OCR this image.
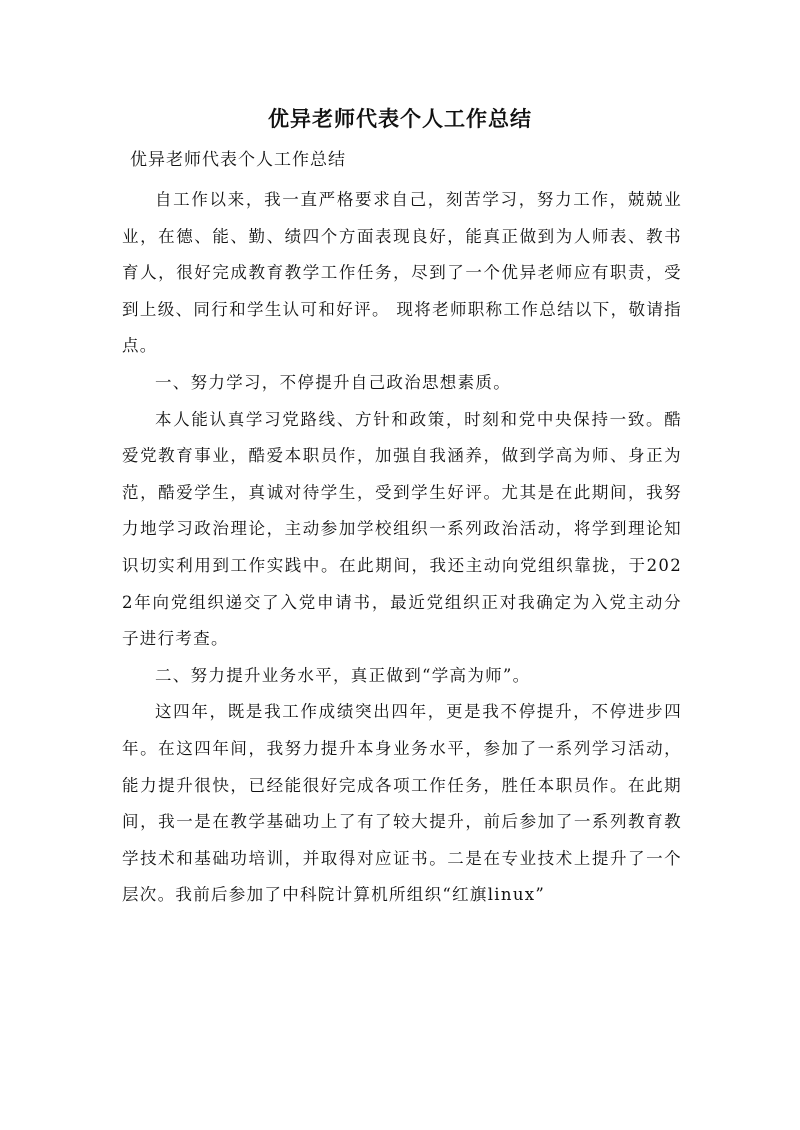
优异老师代表个人工作总结
优异老师代表个人工作总结

自工作以来，我一直严格要求自己，刻苦学习，努力工作，兢兢业业，在德、能、勤、绩四个方面表现良好，能真正做到为人师表、教书育人，很好完成教育教学工作任务，尽到了一个优异老师应有职责，受到上级、同行和学生认可和好评。 现将老师职称工作总结以下，敬请指点。

一、努力学习，不停提升自己政治思想素质。

本人能认真学习党路线、方针和政策，时刻和党中央保持一致。酷爱党教育事业，酷爱本职员作，加强自我涵养，做到学高为师、身正为范，酷爱学生，真诚对待学生，受到学生好评。尤其是在此期间，我努力地学习政治理论，主动参加学校组织一系列政治活动，将学到理论知识切实利用到工作实践中。在此期间，我还主动向党组织靠拢，于2022年向党组织递交了入党申请书，最近党组织正对我确定为入党主动分子进行考查。

二、努力提升业务水平，真正做到“学高为师”。

这四年，既是我工作成绩突出四年，更是我不停提升，不停进步四年。在这四年间，我努力提升本身业务水平，参加了一系列学习活动，能力提升很快，已经能很好完成各项工作任务，胜任本职员作。在此期间，我一是在教学基础功上了有了较大提升，前后参加了一系列教育教学技术和基础功培训，并取得对应证书。二是在专业技术上提升了一个层次。我前后参加了中科院计算机所组织“红旗linux”
